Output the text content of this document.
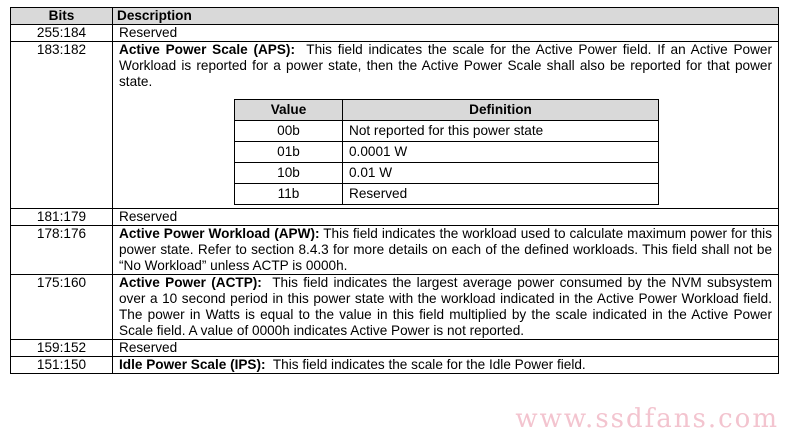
Bits	Description
255:184	Reserved
183:182	Active Power Scale (APS): This field indicates the scale for the Active Power field. If an Active Power Workload is reported for a power state, then the Active Power Scale shall also be reported for that power state.

Value	Definition
00b	Not reported for this power state
01b	0.0001 W
10b	0.01 W
11b	Reserved

181:179	Reserved
178:176	Active Power Workload (APW): This field indicates the workload used to calculate maximum power for this power state. Refer to section 8.4.3 for more details on each of the defined workloads. This field shall not be “No Workload” unless ACTP is 0000h.

175:160	Active Power (ACTP): This field indicates the largest average power consumed by the NVM subsystem over a 10 second period in this power state with the workload indicated in the Active Power Workload field. The power in Watts is equal to the value in this field multiplied by the scale indicated in the Active Power Scale field. A value of 0000h indicates Active Power is not reported.

159:152	Reserved
151:150	Idle Power Scale (IPS): This field indicates the scale for the Idle Power field.

www.ssdfans.com
